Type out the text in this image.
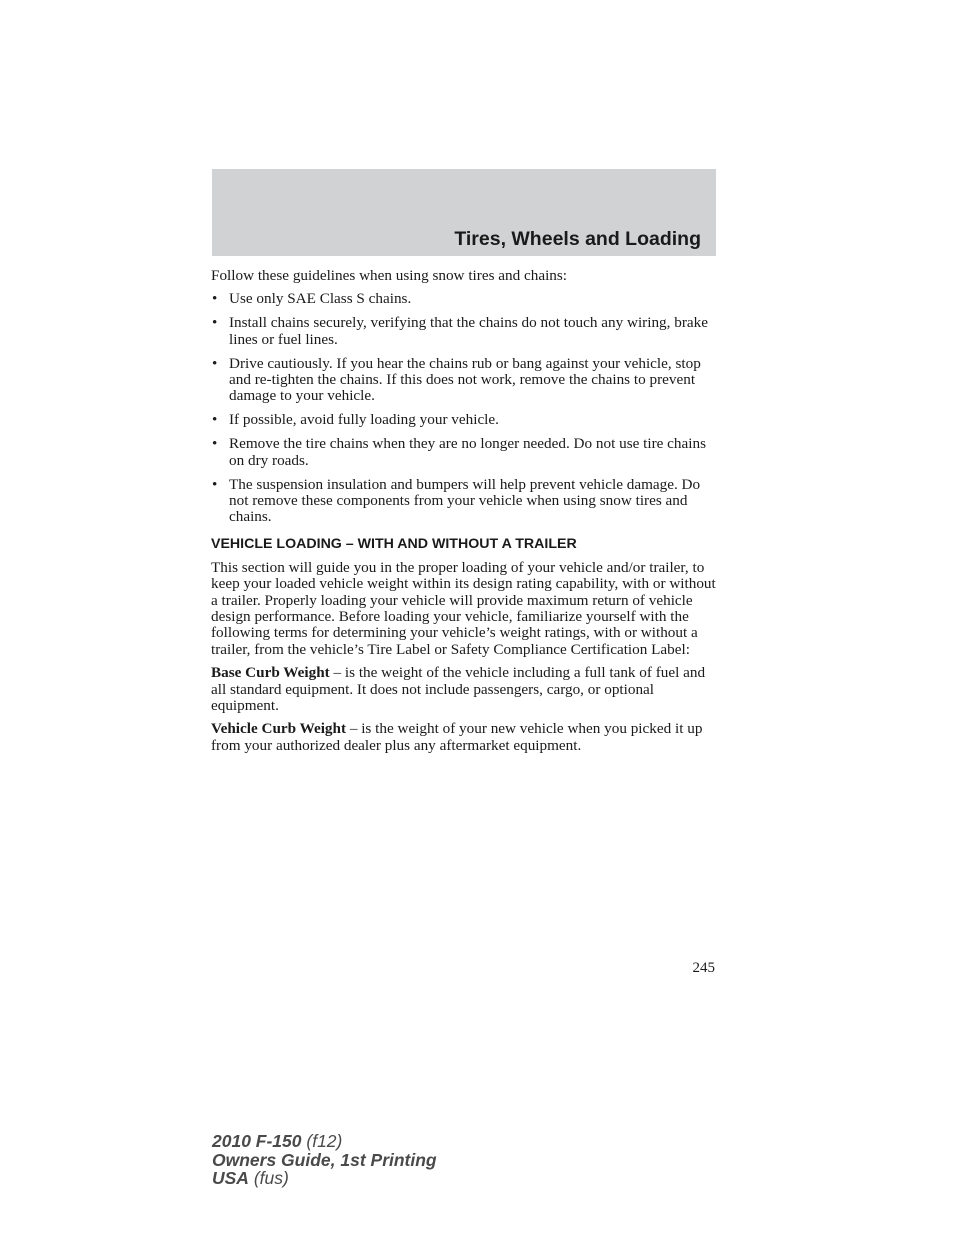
Tires, Wheels and Loading

Follow these guidelines when using snow tires and chains:

• Use only SAE Class S chains.
• Install chains securely, verifying that the chains do not touch any wiring, brake lines or fuel lines.
• Drive cautiously. If you hear the chains rub or bang against your vehicle, stop and re-tighten the chains. If this does not work, remove the chains to prevent damage to your vehicle.
• If possible, avoid fully loading your vehicle.
• Remove the tire chains when they are no longer needed. Do not use tire chains on dry roads.
• The suspension insulation and bumpers will help prevent vehicle damage. Do not remove these components from your vehicle when using snow tires and chains.
VEHICLE LOADING – WITH AND WITHOUT A TRAILER

This section will guide you in the proper loading of your vehicle and/or trailer, to keep your loaded vehicle weight within its design rating capability, with or without a trailer. Properly loading your vehicle will provide maximum return of vehicle design performance. Before loading your vehicle, familiarize yourself with the following terms for determining your vehicle’s weight ratings, with or without a trailer, from the vehicle’s Tire Label or Safety Compliance Certification Label:

Base Curb Weight – is the weight of the vehicle including a full tank of fuel and all standard equipment. It does not include passengers, cargo, or optional equipment.

Vehicle Curb Weight – is the weight of your new vehicle when you picked it up from your authorized dealer plus any aftermarket equipment.

245
2010 F-150 (f12)
Owners Guide, 1st Printing
USA (fus)
